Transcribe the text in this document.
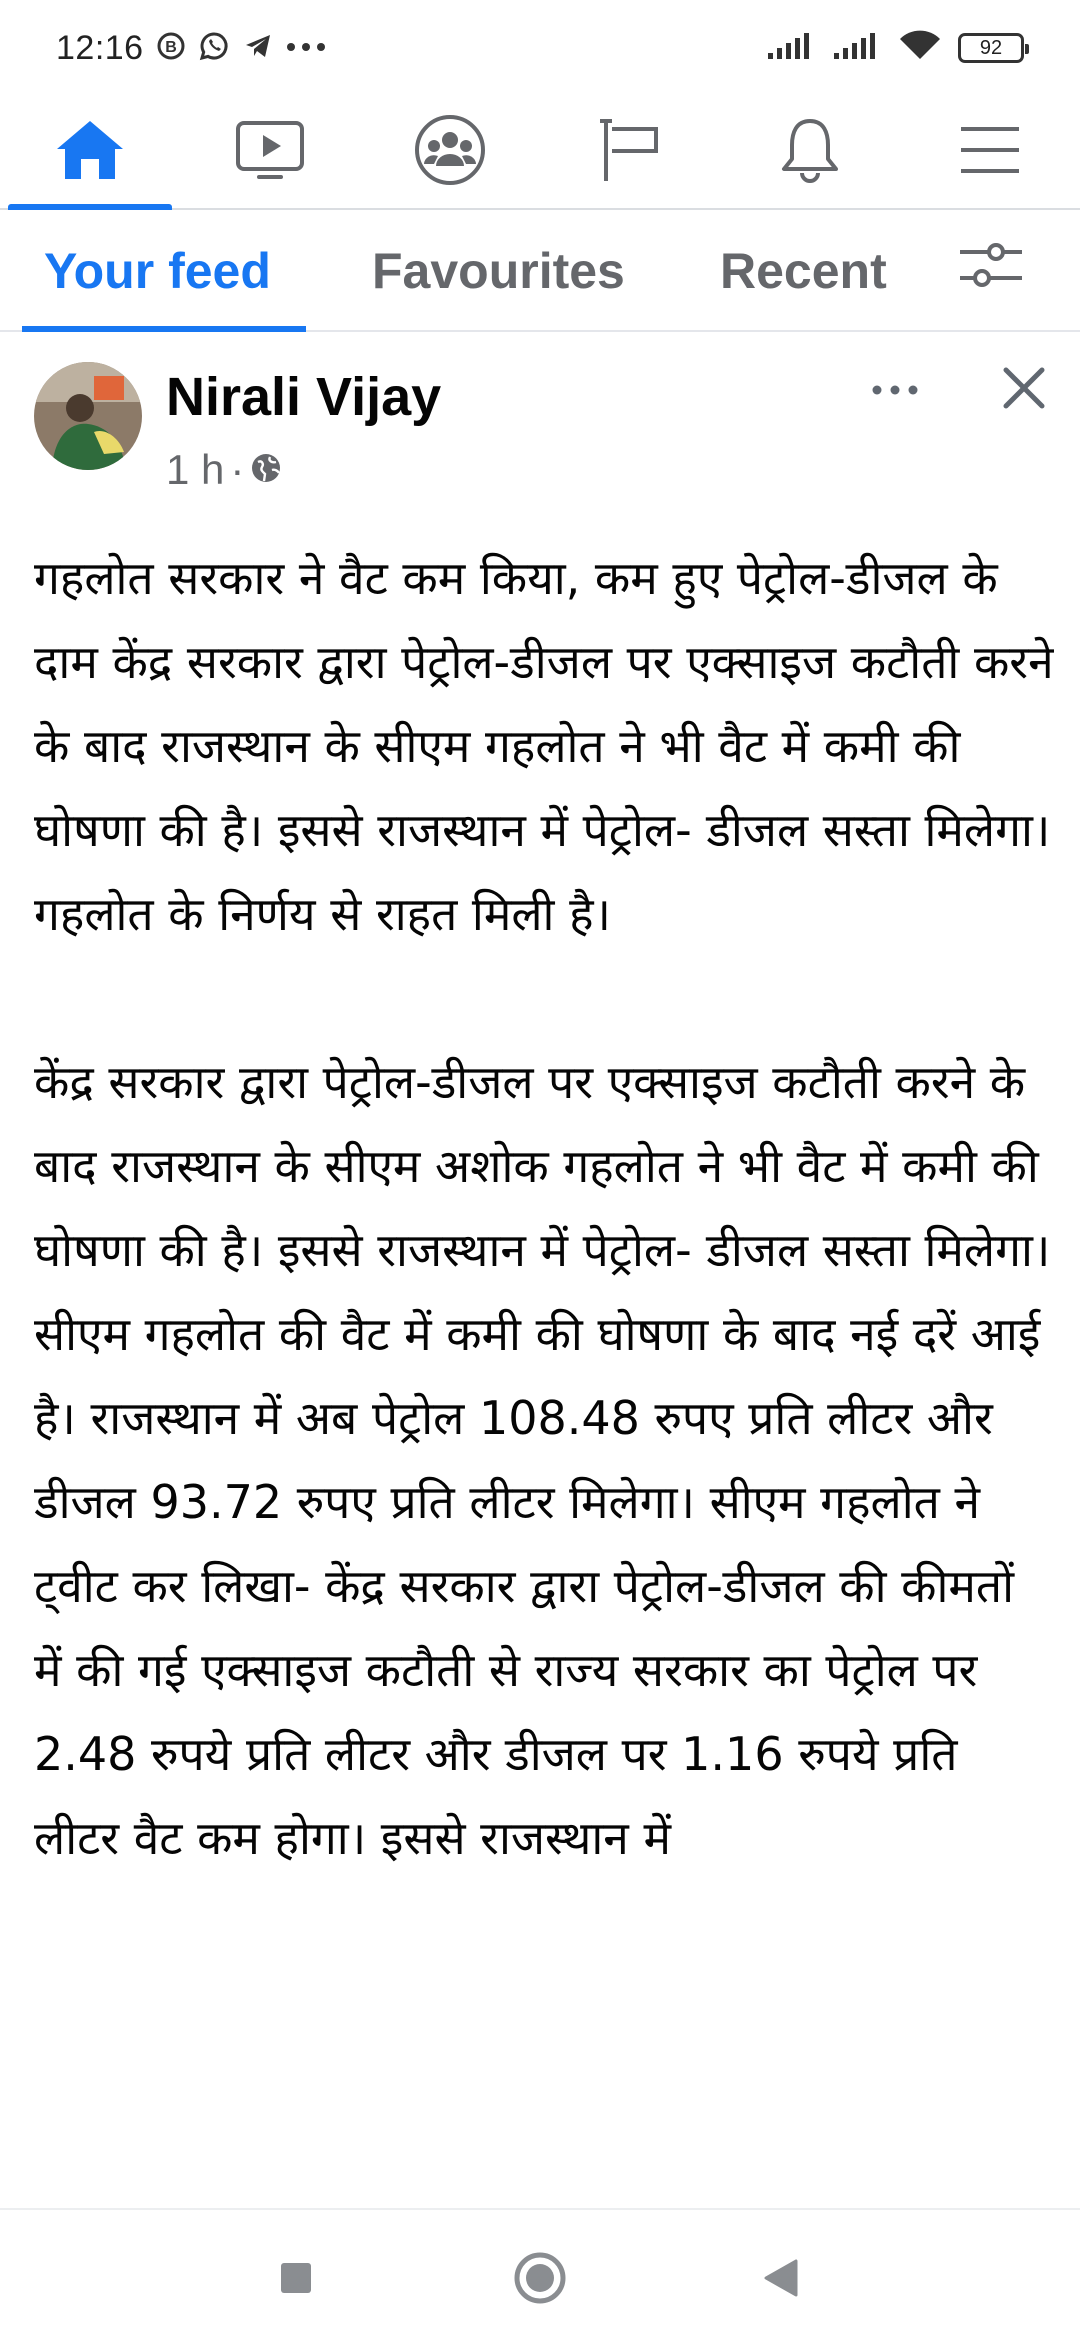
12:16 B	92
Your feed Favourites Recent
Nirali Vijay
1 h ·

गहलोत सरकार ने वैट कम किया, कम हुए पेट्रोल-डीजल के दाम केंद्र सरकार द्वारा पेट्रोल-डीजल पर एक्साइज कटौती करने के बाद राजस्थान के सीएम गहलोत ने भी वैट में कमी की घोषणा की है। इससे राजस्थान में पेट्रोल- डीजल सस्ता मिलेगा।गहलोत के निर्णय से राहत मिली है।

केंद्र सरकार द्वारा पेट्रोल-डीजल पर एक्साइज कटौती करने के बाद राजस्थान के सीएम अशोक गहलोत ने भी वैट में कमी की घोषणा की है। इससे राजस्थान में पेट्रोल- डीजल सस्ता मिलेगा। सीएम गहलोत की वैट में कमी की घोषणा के बाद नई दरें आई है। राजस्थान में अब पेट्रोल 108.48 रुपए प्रति लीटर और डीजल 93.72 रुपए प्रति लीटर मिलेगा। सीएम गहलोत ने ट्वीट कर लिखा- केंद्र सरकार द्वारा पेट्रोल-डीजल की कीमतों में की गई एक्साइज कटौती से राज्य सरकार का पेट्रोल पर 2.48 रुपये प्रति लीटर और डीजल पर 1.16 रुपये प्रति लीटर वैट कम होगा। इससे राजस्थान में
